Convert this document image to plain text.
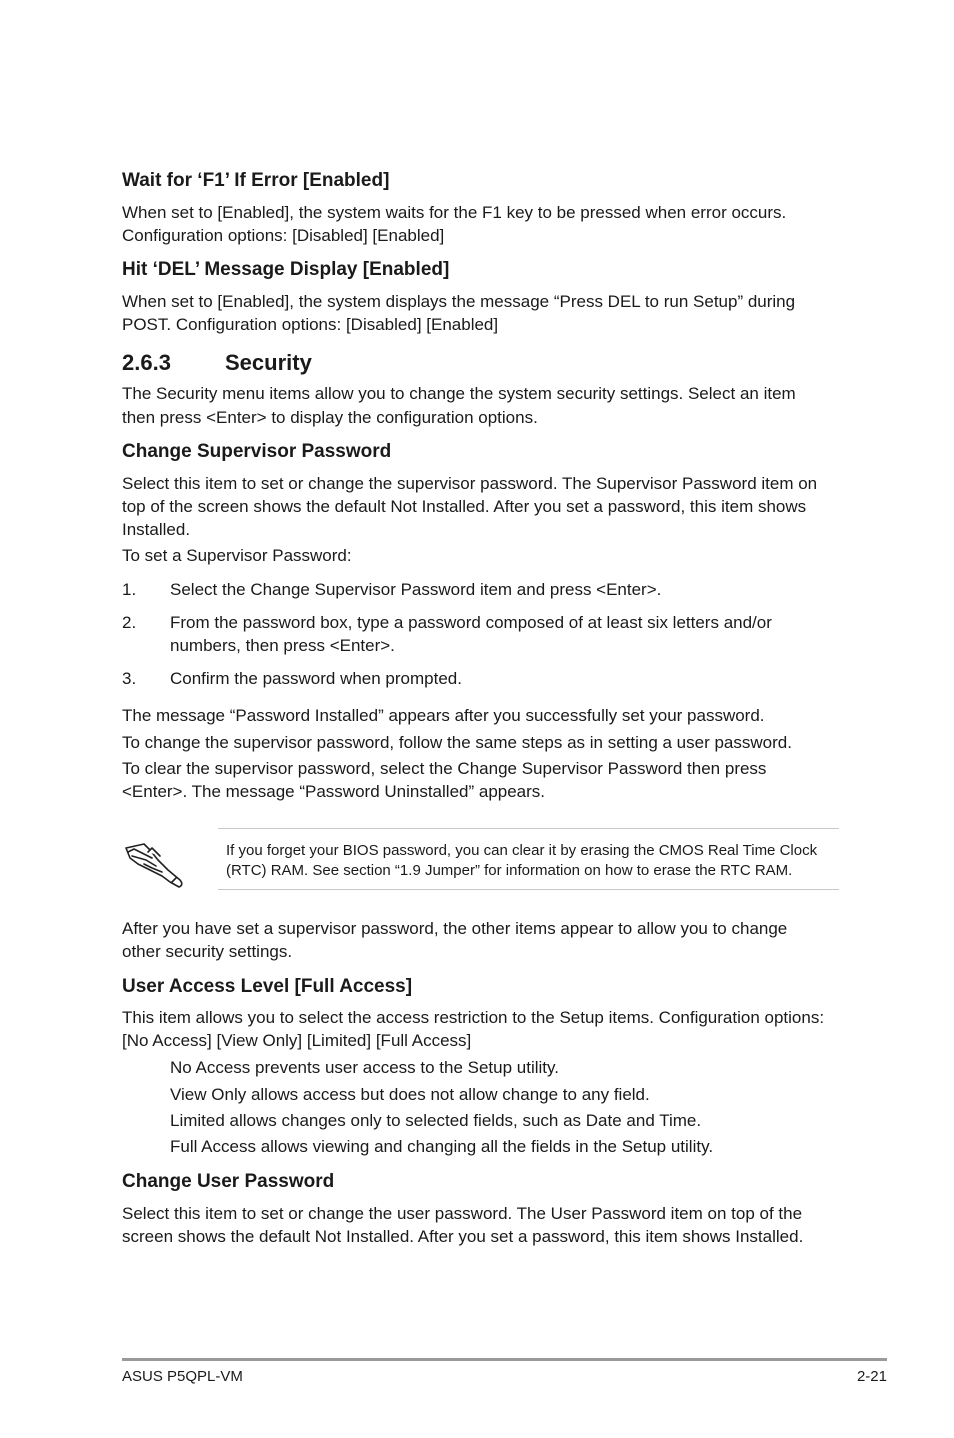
Wait for ‘F1’ If Error [Enabled]
When set to [Enabled], the system waits for the F1 key to be pressed when error occurs.
Configuration options: [Disabled] [Enabled]
Hit ‘DEL’ Message Display [Enabled]
When set to [Enabled], the system displays the message “Press DEL to run Setup” during
POST. Configuration options: [Disabled] [Enabled]
2.6.3 Security
The Security menu items allow you to change the system security settings. Select an item
then press <Enter> to display the configuration options.
Change Supervisor Password
Select this item to set or change the supervisor password. The Supervisor Password item on
top of the screen shows the default Not Installed. After you set a password, this item shows
Installed.
To set a Supervisor Password:
1. Select the Change Supervisor Password item and press <Enter>.
2. From the password box, type a password composed of at least six letters and/or
numbers, then press <Enter>.
3. Confirm the password when prompted.
The message “Password Installed” appears after you successfully set your password.
To change the supervisor password, follow the same steps as in setting a user password.
To clear the supervisor password, select the Change Supervisor Password then press
<Enter>. The message “Password Uninstalled” appears.
If you forget your BIOS password, you can clear it by erasing the CMOS Real Time Clock
(RTC) RAM. See section “1.9 Jumper” for information on how to erase the RTC RAM.
After you have set a supervisor password, the other items appear to allow you to change
other security settings.
User Access Level [Full Access]
This item allows you to select the access restriction to the Setup items. Configuration options:
[No Access] [View Only] [Limited] [Full Access]
No Access prevents user access to the Setup utility.
View Only allows access but does not allow change to any field.
Limited allows changes only to selected fields, such as Date and Time.
Full Access allows viewing and changing all the fields in the Setup utility.
Change User Password
Select this item to set or change the user password. The User Password item on top of the
screen shows the default Not Installed. After you set a password, this item shows Installed.
ASUS P5QPL-VM	2-21
